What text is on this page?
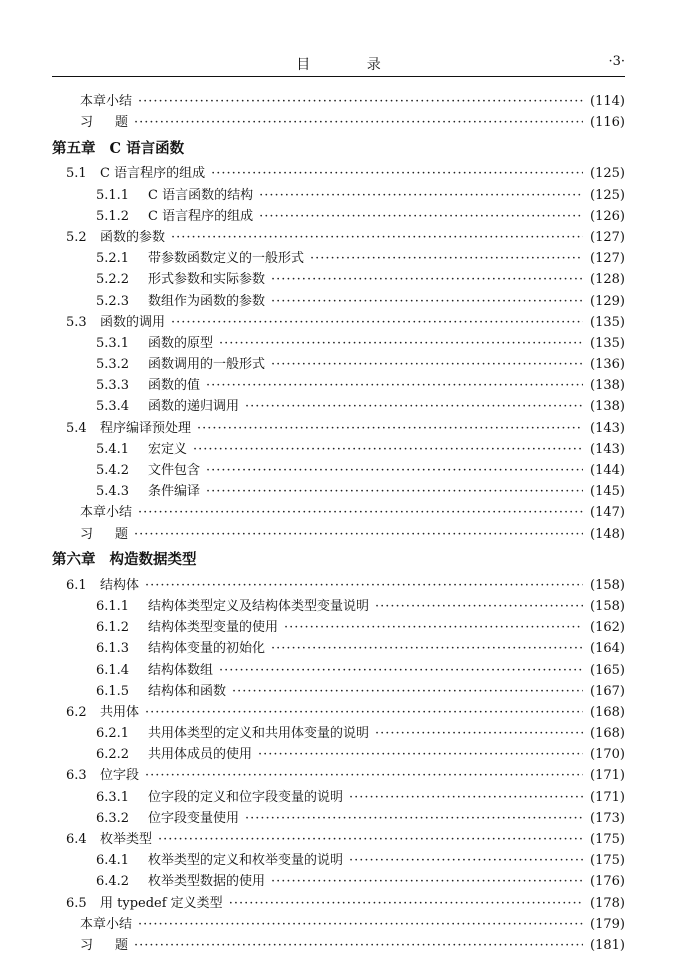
目 录	·3·
本章小结 ·····	(114)
习 题 ·····	(116)
第五章 C 语言函数
5.1	C 语言程序的组成 ·····	(125)
5.1.1	C 语言函数的结构 ·····	(125)
5.1.2	C 语言程序的组成 ·····	(126)
5.2	函数的参数 ·····	(127)
5.2.1	带参数函数定义的一般形式 ·····	(127)
5.2.2	形式参数和实际参数 ·····	(128)
5.2.3	数组作为函数的参数 ·····	(129)
5.3	函数的调用 ·····	(135)
5.3.1	函数的原型 ·····	(135)
5.3.2	函数调用的一般形式 ·····	(136)
5.3.3	函数的值 ·····	(138)
5.3.4	函数的递归调用 ·····	(138)
5.4	程序编译预处理 ·····	(143)
5.4.1	宏定义 ·····	(143)
5.4.2	文件包含 ·····	(144)
5.4.3	条件编译 ·····	(145)
本章小结 ·····	(147)
习 题 ·····	(148)
第六章 构造数据类型
6.1	结构体 ·····	(158)
6.1.1	结构体类型定义及结构体类型变量说明 ·····	(158)
6.1.2	结构体类型变量的使用 ·····	(162)
6.1.3	结构体变量的初始化 ·····	(164)
6.1.4	结构体数组 ·····	(165)
6.1.5	结构体和函数 ·····	(167)
6.2	共用体 ·····	(168)
6.2.1	共用体类型的定义和共用体变量的说明 ·····	(168)
6.2.2	共用体成员的使用 ·····	(170)
6.3	位字段 ·····	(171)
6.3.1	位字段的定义和位字段变量的说明 ·····	(171)
6.3.2	位字段变量使用 ·····	(173)
6.4	枚举类型 ·····	(175)
6.4.1	枚举类型的定义和枚举变量的说明 ·····	(175)
6.4.2	枚举类型数据的使用 ·····	(176)
6.5	用 typedef 定义类型 ·····	(178)
本章小结 ·····	(179)
习 题 ·····	(181)
